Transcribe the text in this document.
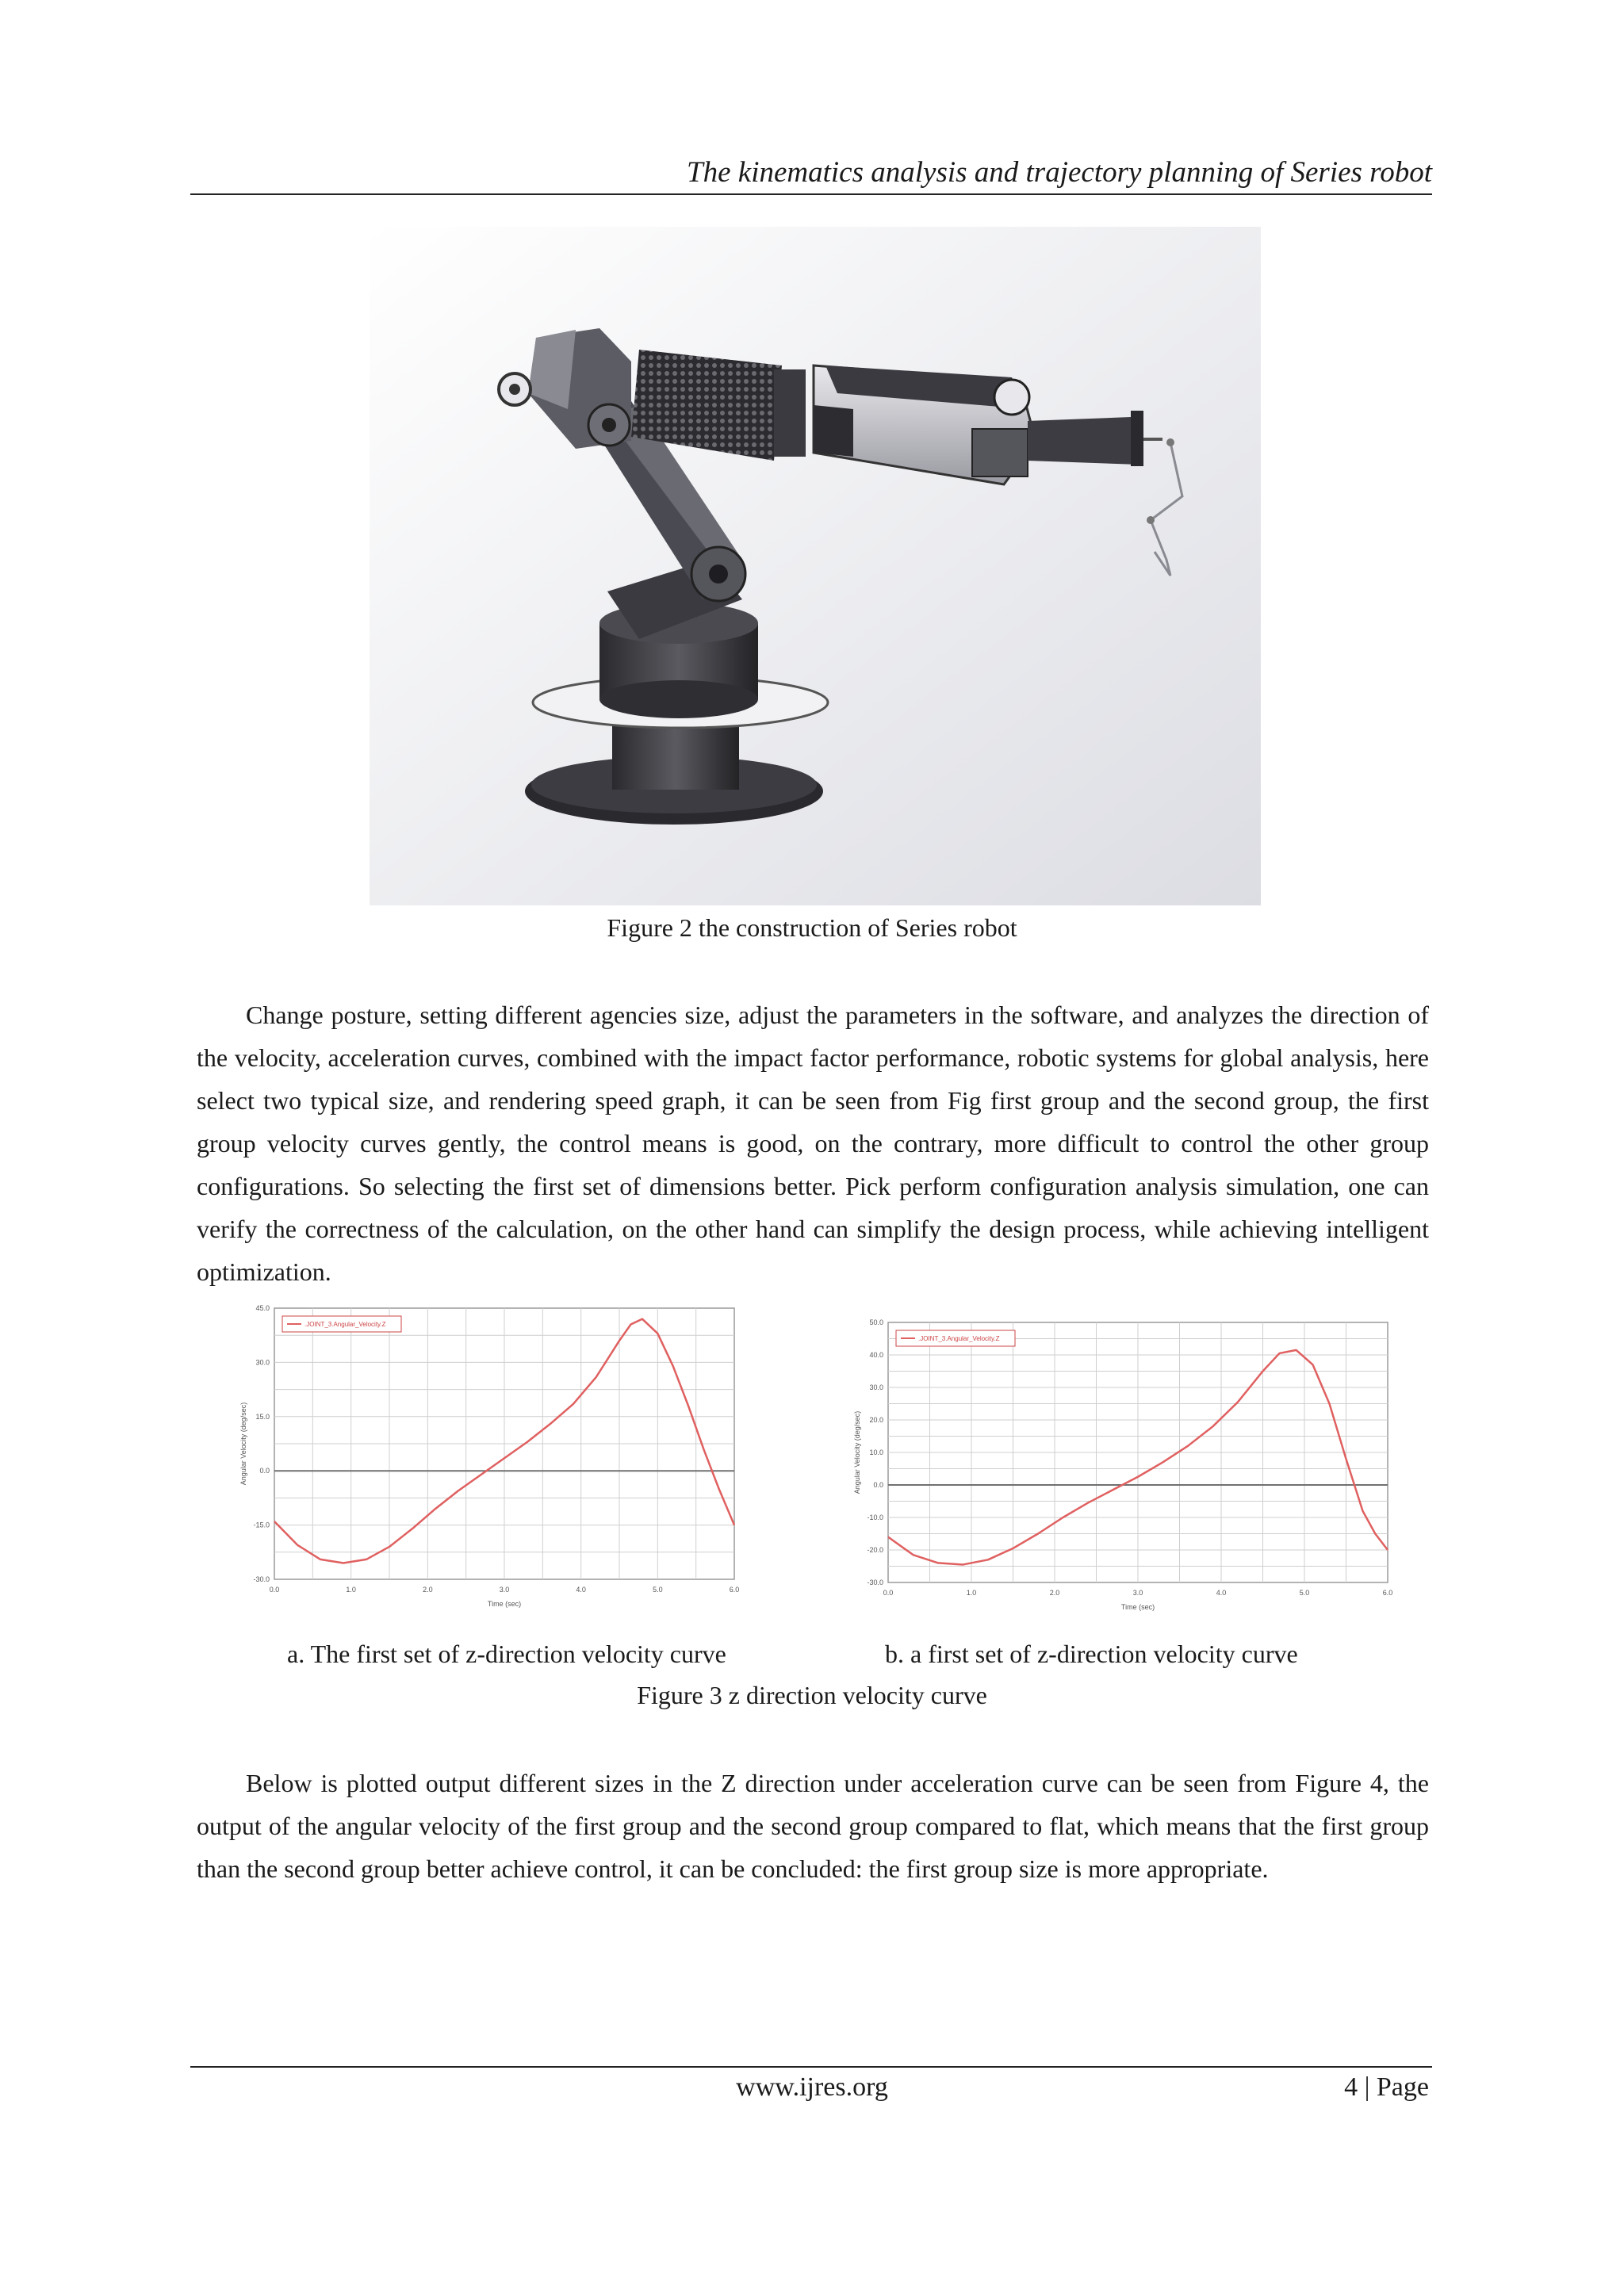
The kinematics analysis and trajectory planning of Series robot
Figure 2 the construction of Series robot

Change posture, setting different agencies size, adjust the parameters in the software, and analyzes the direction of the velocity, acceleration curves, combined with the impact factor performance, robotic systems for global analysis, here select two typical size, and rendering speed graph, it can be seen from Fig first group and the second group, the first group velocity curves gently, the control means is good, on the contrary, more difficult to control the other group configurations. So selecting the first set of dimensions better. Pick perform configuration analysis simulation, one can verify the correctness of the calculation, on the other hand can simplify the design process, while achieving intelligent optimization.

0.0	1.0	2.0	3.0	4.0	5.0	6.0
-30.0
-15.0
0.0
15.0
30.0
45.0
Time (sec)
Angular Velocity (deg/sec)
.JOINT_3.Angular_Velocity.Z
0.0	1.0	2.0	3.0	4.0	5.0	6.0
-30.0
-20.0
-10.0
0.0
10.0
20.0
30.0
40.0
50.0
Time (sec)
Angular Velocity (deg/sec)
.JOINT_3.Angular_Velocity.Z
a. The first set of z-direction velocity curve	b. a first set of z-direction velocity curve
Figure 3 z direction velocity curve

Below is plotted output different sizes in the Z direction under acceleration curve can be seen from Figure 4, the output of the angular velocity of the first group and the second group compared to flat, which means that the first group than the second group better achieve control, it can be concluded: the first group size is more appropriate.

www.ijres.org	4 | Page
